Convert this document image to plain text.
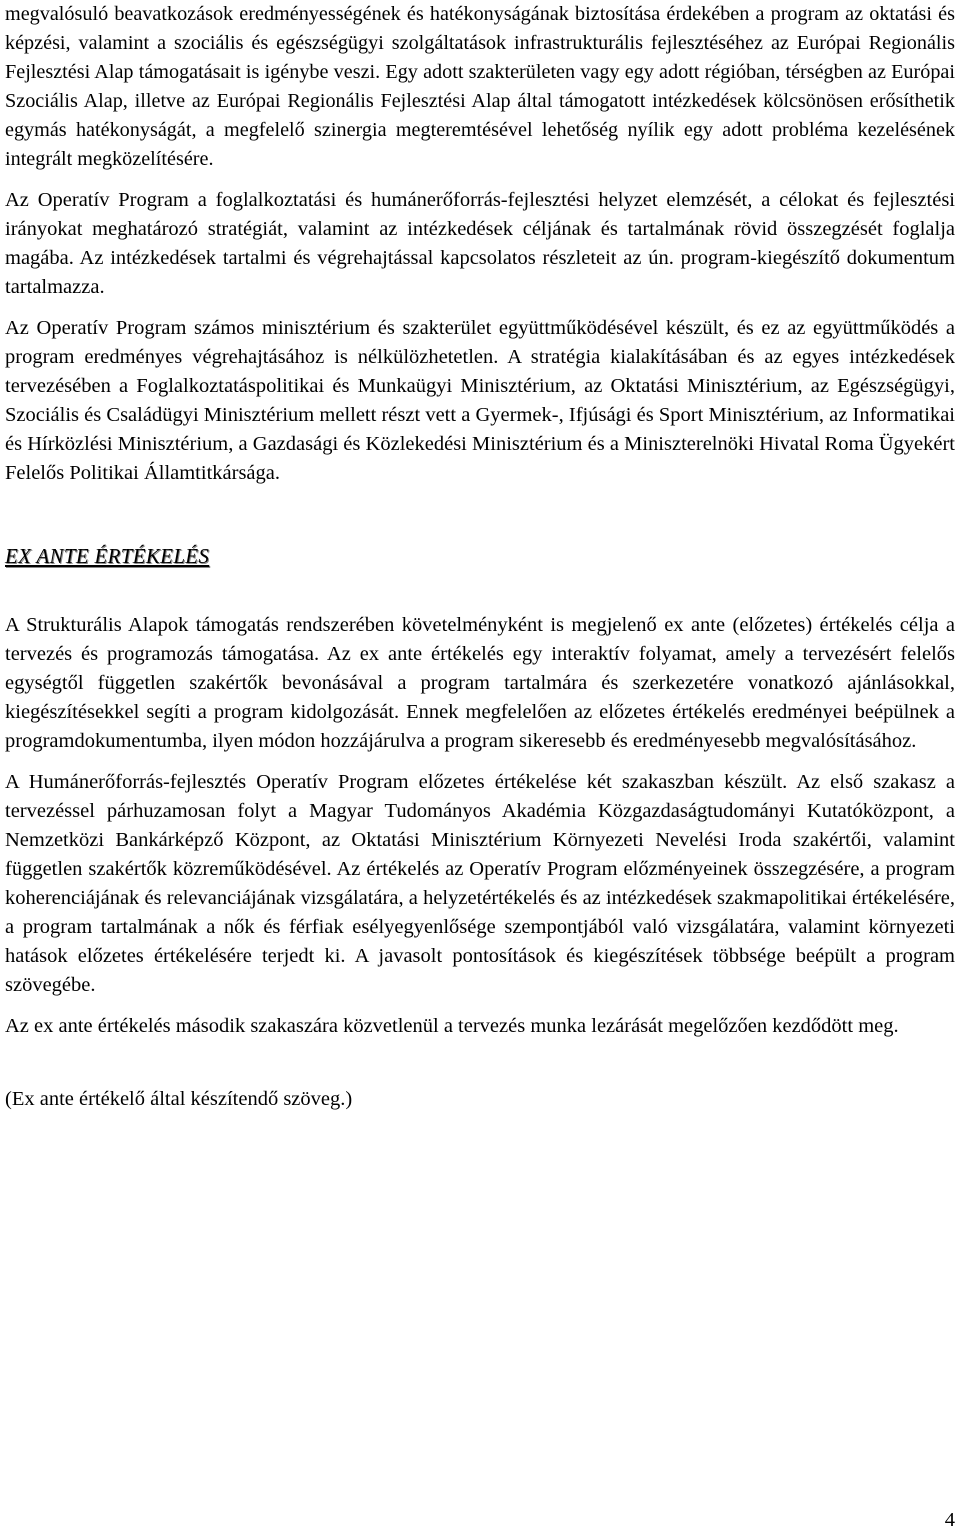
megvalósuló beavatkozások eredményességének és hatékonyságának biztosítása érdekében a program az oktatási és képzési, valamint a szociális és egészségügyi szolgáltatások infrastrukturális fejlesztéséhez az Európai Regionális Fejlesztési Alap támogatásait is igénybe veszi. Egy adott szakterületen vagy egy adott régióban, térségben az Európai Szociális Alap, illetve az Európai Regionális Fejlesztési Alap által támogatott intézkedések kölcsönösen erősíthetik egymás hatékonyságát, a megfelelő szinergia megteremtésével lehetőség nyílik egy adott probléma kezelésének integrált megközelítésére.

Az Operatív Program a foglalkoztatási és humánerőforrás-fejlesztési helyzet elemzését, a célokat és fejlesztési irányokat meghatározó stratégiát, valamint az intézkedések céljának és tartalmának rövid összegzését foglalja magába. Az intézkedések tartalmi és végrehajtással kapcsolatos részleteit az ún. program-kiegészítő dokumentum tartalmazza.

Az Operatív Program számos minisztérium és szakterület együttműködésével készült, és ez az együttműködés a program eredményes végrehajtásához is nélkülözhetetlen. A stratégia kialakításában és az egyes intézkedések tervezésében a Foglalkoztatáspolitikai és Munkaügyi Minisztérium, az Oktatási Minisztérium, az Egészségügyi, Szociális és Családügyi Minisztérium mellett részt vett a Gyermek-, Ifjúsági és Sport Minisztérium, az Informatikai és Hírközlési Minisztérium, a Gazdasági és Közlekedési Minisztérium és a Miniszterelnöki Hivatal Roma Ügyekért Felelős Politikai Államtitkársága.

EX ANTE ÉRTÉKELÉS

A Strukturális Alapok támogatás rendszerében követelményként is megjelenő ex ante (előzetes) értékelés célja a tervezés és programozás támogatása. Az ex ante értékelés egy interaktív folyamat, amely a tervezésért felelős egységtől független szakértők bevonásával a program tartalmára és szerkezetére vonatkozó ajánlásokkal, kiegészítésekkel segíti a program kidolgozását. Ennek megfelelően az előzetes értékelés eredményei beépülnek a programdokumentumba, ilyen módon hozzájárulva a program sikeresebb és eredményesebb megvalósításához.

A Humánerőforrás-fejlesztés Operatív Program előzetes értékelése két szakaszban készült. Az első szakasz a tervezéssel párhuzamosan folyt a Magyar Tudományos Akadémia Közgazdaságtudományi Kutatóközpont, a Nemzetközi Bankárképző Központ, az Oktatási Minisztérium Környezeti Nevelési Iroda szakértői, valamint független szakértők közreműködésével. Az értékelés az Operatív Program előzményeinek összegzésére, a program koherenciájának és relevanciájának vizsgálatára, a helyzetértékelés és az intézkedések szakmapolitikai értékelésére, a program tartalmának a nők és férfiak esélyegyenlősége szempontjából való vizsgálatára, valamint környezeti hatások előzetes értékelésére terjedt ki. A javasolt pontosítások és kiegészítések többsége beépült a program szövegébe.

Az ex ante értékelés második szakaszára közvetlenül a tervezés munka lezárását megelőzően kezdődött meg.

(Ex ante értékelő által készítendő szöveg.)

4
